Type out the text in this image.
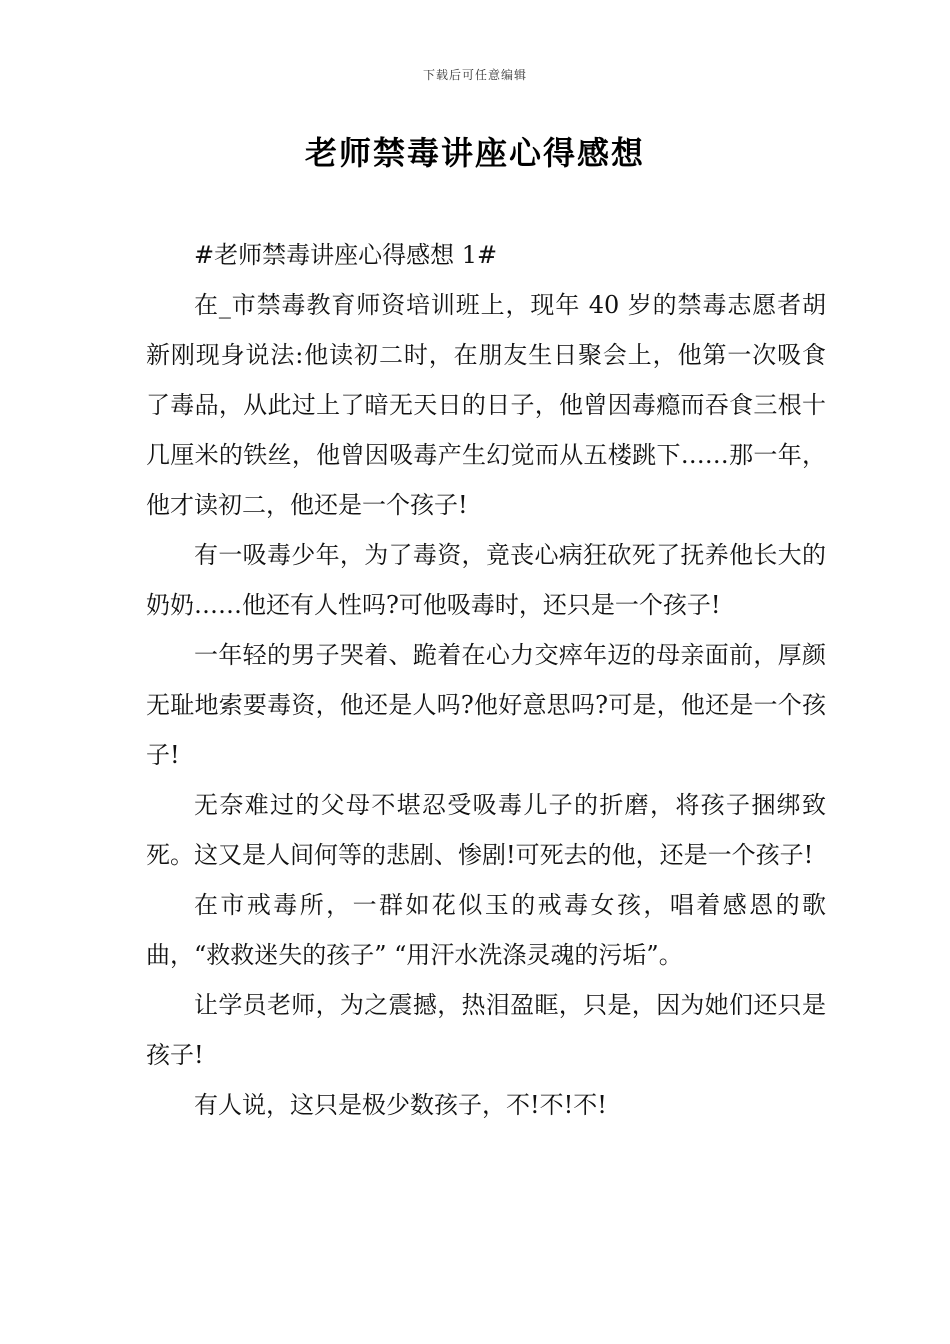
下载后可任意编辑
老师禁毒讲座心得感想

#老师禁毒讲座心得感想 1#

在_市禁毒教育师资培训班上，现年 40 岁的禁毒志愿者胡新刚现身说法:他读初二时，在朋友生日聚会上，他第一次吸食了毒品，从此过上了暗无天日的日子，他曾因毒瘾而吞食三根十几厘米的铁丝，他曾因吸毒产生幻觉而从五楼跳下……那一年，他才读初二，他还是一个孩子!

有一吸毒少年，为了毒资，竟丧心病狂砍死了抚养他长大的奶奶……他还有人性吗?可他吸毒时，还只是一个孩子!

一年轻的男子哭着、跪着在心力交瘁年迈的母亲面前，厚颜无耻地索要毒资，他还是人吗?他好意思吗?可是，他还是一个孩子!

无奈难过的父母不堪忍受吸毒儿子的折磨，将孩子捆绑致死。这又是人间何等的悲剧、惨剧!可死去的他，还是一个孩子!

在市戒毒所，一群如花似玉的戒毒女孩，唱着感恩的歌曲，“救救迷失的孩子” “用汗水洗涤灵魂的污垢”。

让学员老师，为之震撼，热泪盈眶，只是，因为她们还只是孩子!

有人说，这只是极少数孩子，不!不!不!
